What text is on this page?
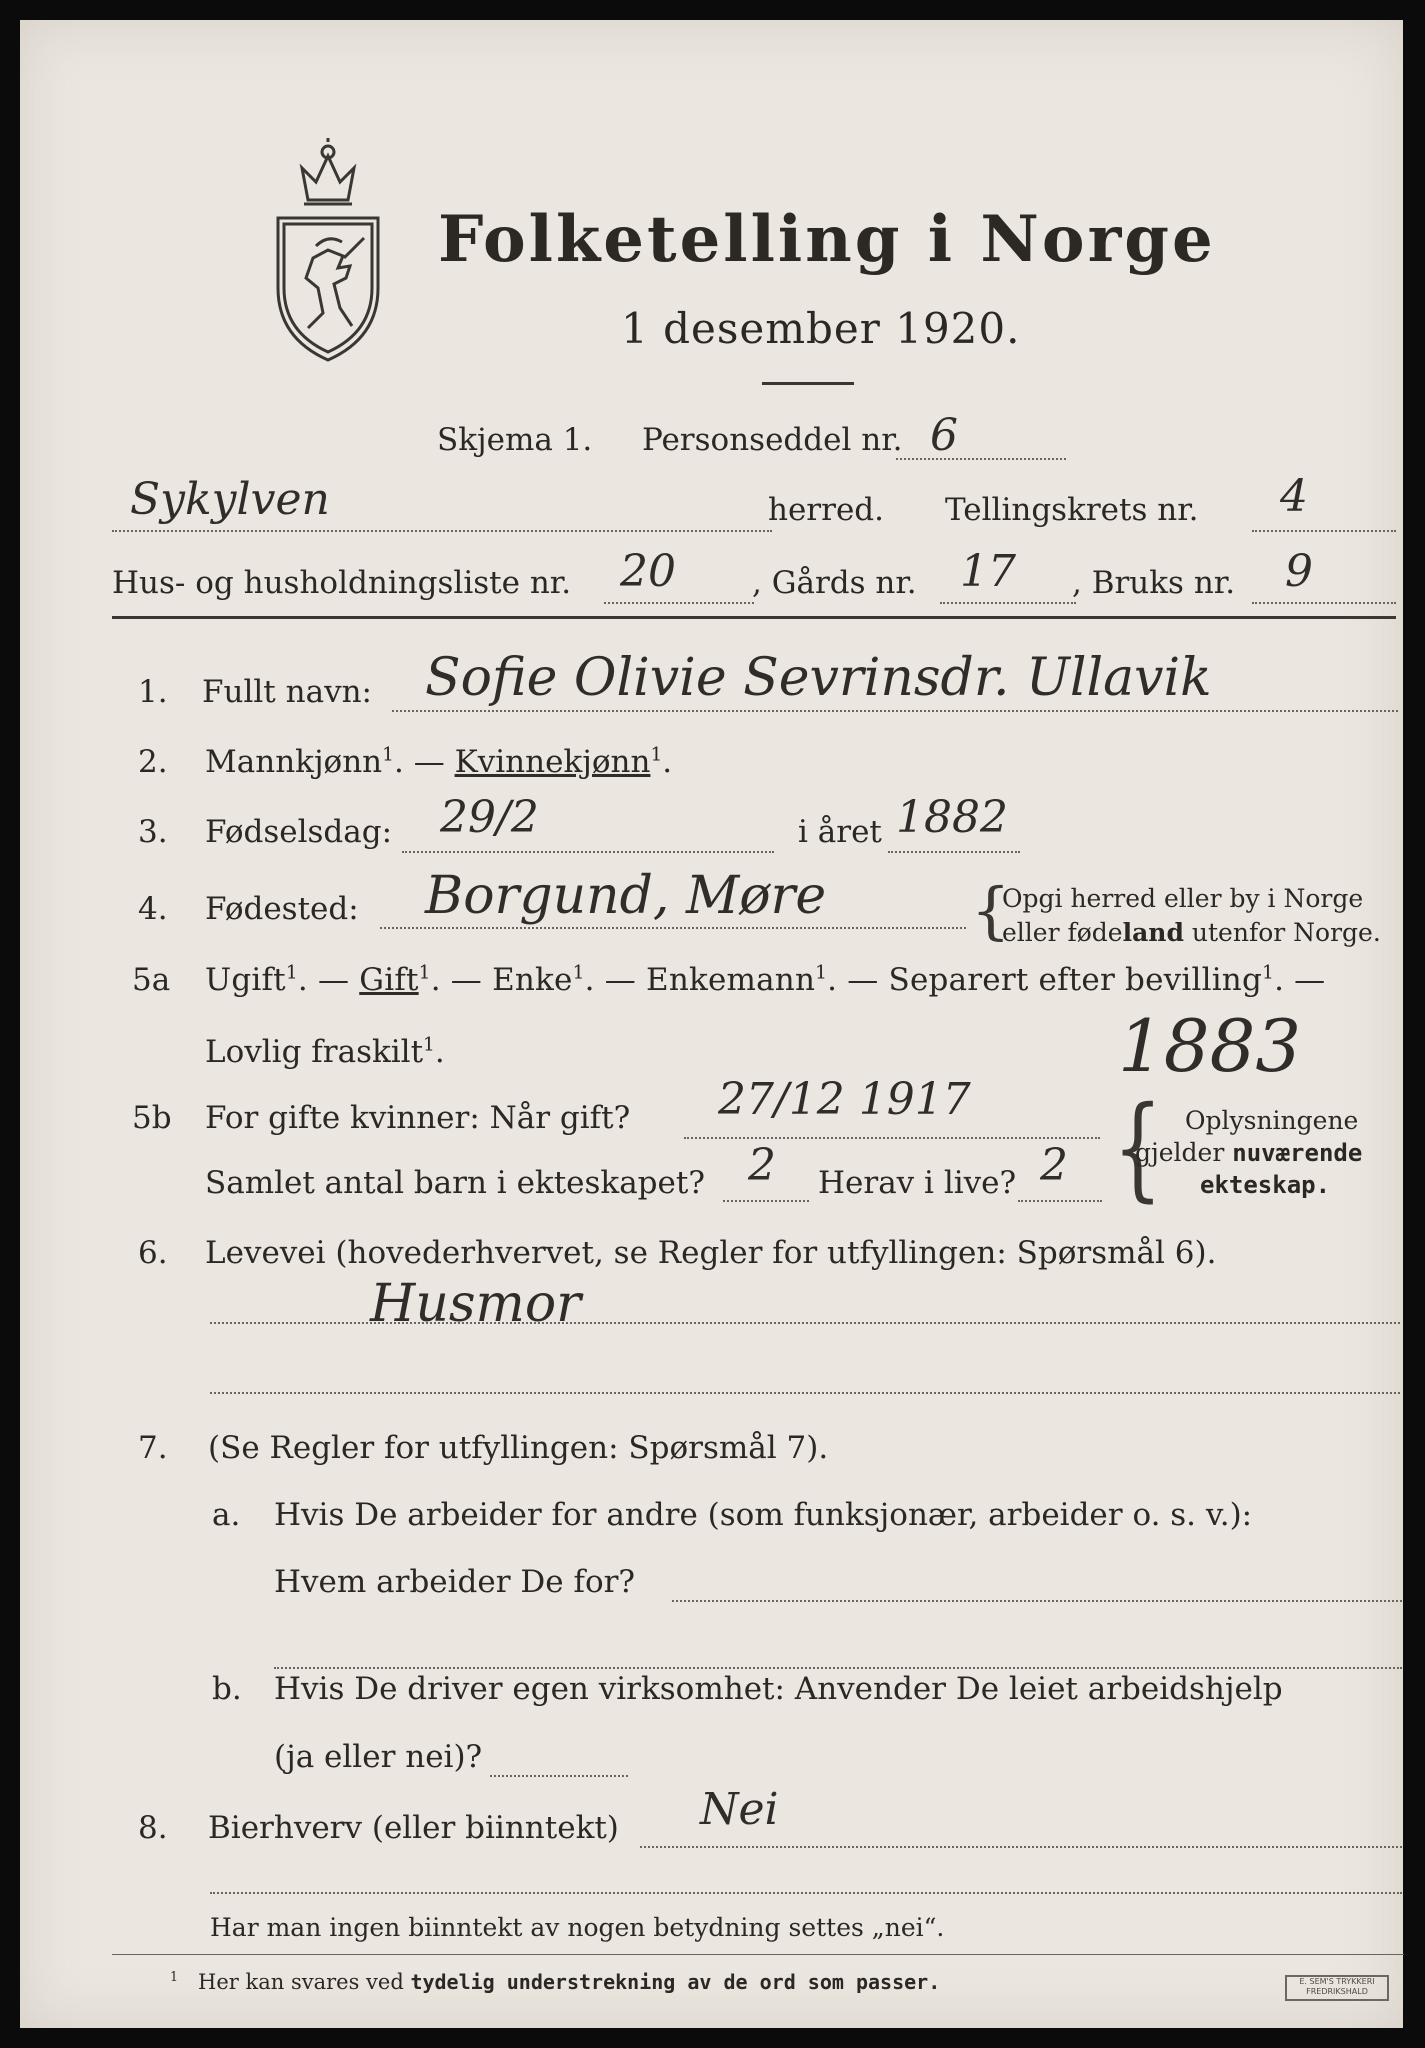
Folketelling i Norge
1 desember 1920.
Skjema 1. Personseddel nr. 6
Sykylven	herred. Tellingskrets nr. 4
Hus- og husholdningsliste nr. 20 , Gårds nr. 17 , Bruks nr. 9
1. Fullt navn: Sofie Olivie Sevrinsdr. Ullavik
2. Mannkjønn$^1$. — Kvinnekjønn$^1$.
3. Fødselsdag: 29/2	i året 1882
4. Fødested: Borgund, Møre {
Opgi herred eller by i Norge
eller fødeland utenfor Norge.
5a Ugift$^1$. — Gift$^1$. — Enke$^1$. — Enkemann$^1$. — Separert efter bevilling$^1$. —
Lovlig fraskilt$^1$.	1883
5b For gifte kvinner: Når gift? 27/12 1917
Samlet antal barn i ekteskapet? 2 Herav i live? 2 { Oplysningene
gjelder nuværende
ekteskap.
6. Levevei (hovederhvervet, se Regler for utfyllingen: Spørsmål 6).
Husmor
7. (Se Regler for utfyllingen: Spørsmål 7).
a. Hvis De arbeider for andre (som funksjonær, arbeider o. s. v.):
Hvem arbeider De for?
b. Hvis De driver egen virksomhet: Anvender De leiet arbeidshjelp
(ja eller nei)?
8. Bierhverv (eller biinntekt) Nei
Har man ingen biinntekt av nogen betydning settes „nei“.
$^1$ Her kan svares ved tydelig understrekning av de ord som passer.	E. SEM'S TRYKKERI
FREDRIKSHALD
